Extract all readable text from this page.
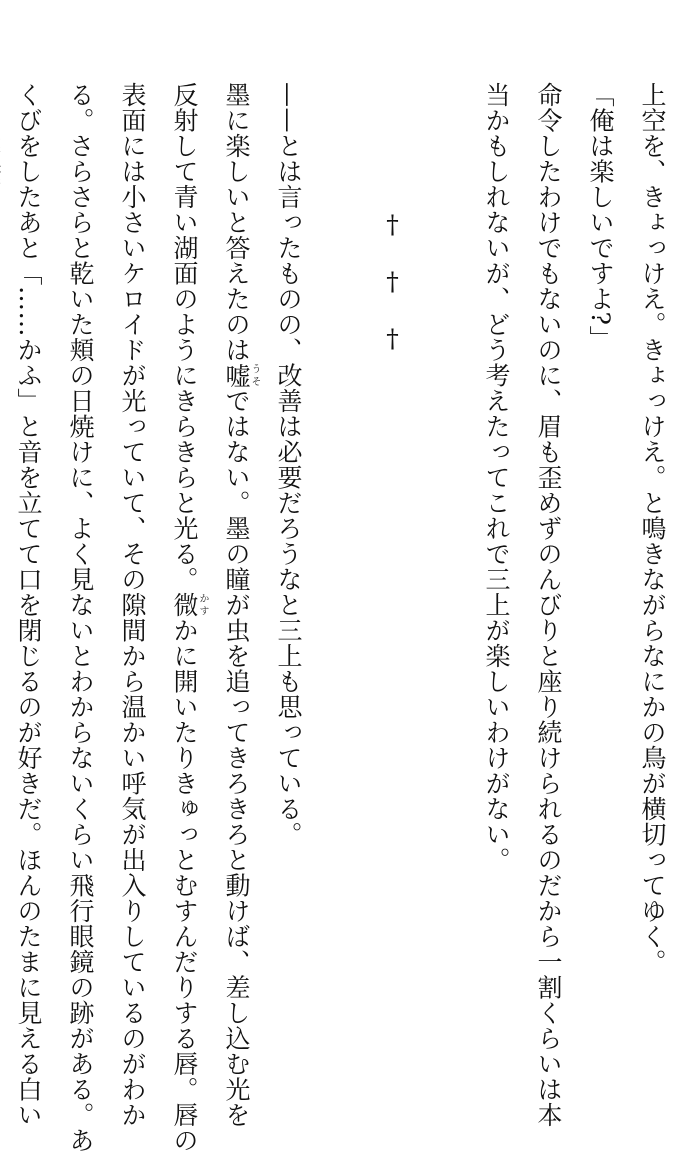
上空を、きょっけえ。きょっけえ。と鳴きながらなにかの鳥が横切ってゆく。
「俺は楽しいですよ?」
命令したわけでもないのに、眉も歪めずのんびりと座り続けられるのだから一割くらいは本
当かもしれないが、どう考えたってこれで三上が楽しいわけがない。
†††
——とは言ったものの、改善は必要だろうなと三上も思っている。
墨に楽しいと答えたのは嘘うそではない。墨の瞳が虫を追ってきろきろと動けば、差し込む光を
反射して青い湖面のようにきらきらと光る。微かすかに開いたりきゅっとむすんだりする唇。唇の
表面には小さいケロイドが光っていて、その隙間から温かい呼気が出入りしているのがわか
る。さらさらと乾いた頬の日焼けに、よく見ないとわからないくらい飛行眼鏡の跡がある。あ
くびをしたあと「……かふ」と音を立てて口を閉じるのが好きだ。ほんのたまに見える白い
